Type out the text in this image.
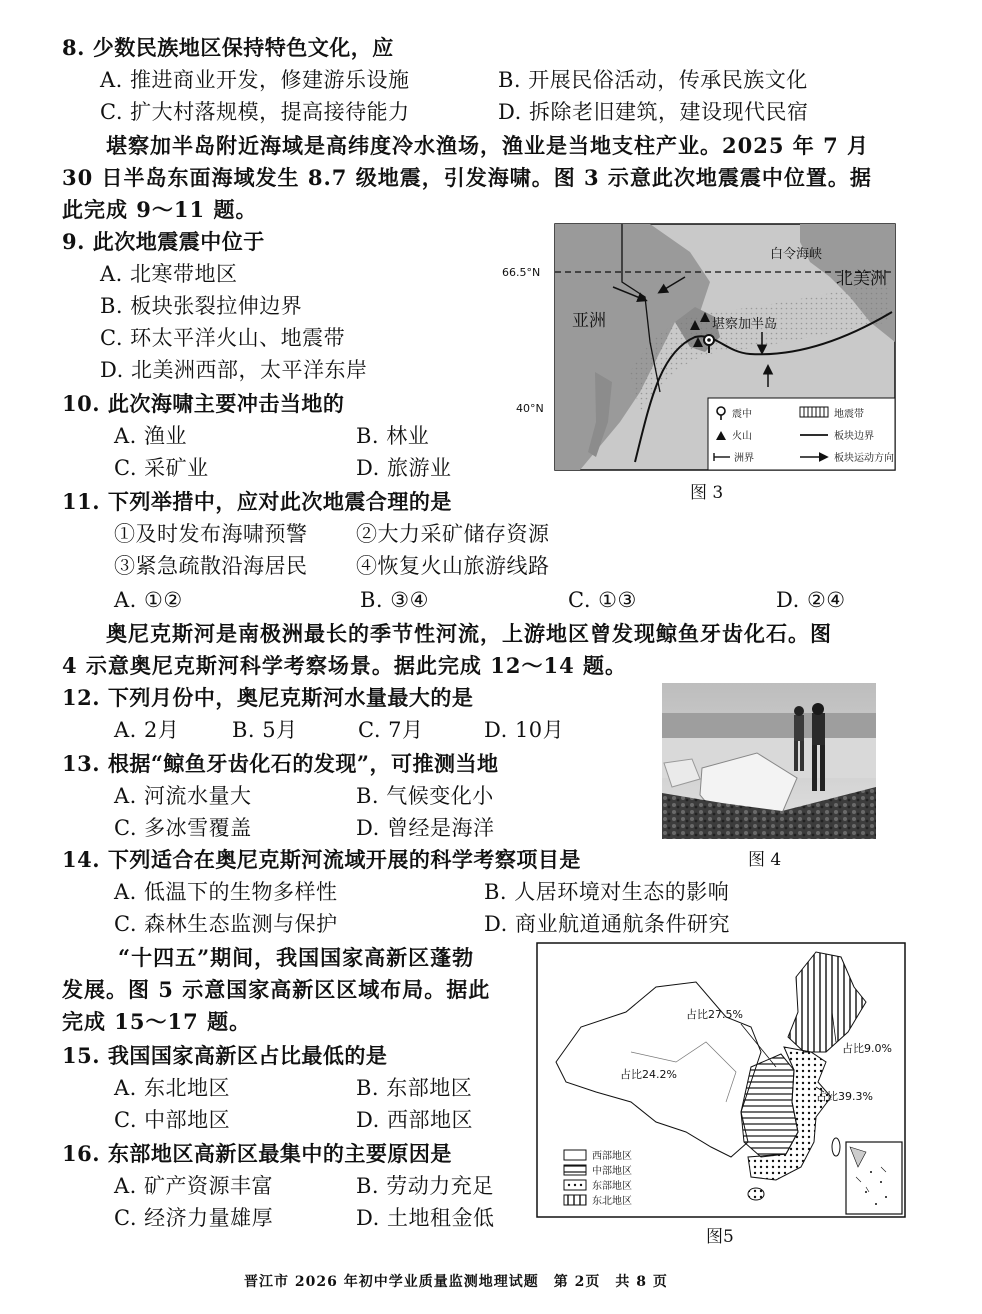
8. 少数民族地区保持特色文化，应
A. 推进商业开发，修建游乐设施	B. 开展民俗活动，传承民族文化
C. 扩大村落规模，提高接待能力	D. 拆除老旧建筑，建设现代民宿
堪察加半岛附近海域是高纬度冷水渔场，渔业是当地支柱产业。2025 年 7 月
30 日半岛东面海域发生 8.7 级地震，引发海啸。图 3 示意此次地震震中位置。据
此完成 9～11 题。
9. 此次地震震中位于
A. 北寒带地区
B. 板块张裂拉伸边界
C. 环太平洋火山、地震带
D. 北美洲西部，太平洋东岸
10. 此次海啸主要冲击当地的
A. 渔业	B. 林业
C. 采矿业	D. 旅游业
11. 下列举措中，应对此次地震合理的是
①及时发布海啸预警 ②大力采矿储存资源
③紧急疏散沿海居民 ④恢复火山旅游线路
A. ①②	B. ③④	C. ①③	D. ②④
奥尼克斯河是南极洲最长的季节性河流，上游地区曾发现鲸鱼牙齿化石。图
4 示意奥尼克斯河科学考察场景。据此完成 12～14 题。
12. 下列月份中，奥尼克斯河水量最大的是
A. 2月	B. 5月	C. 7月	D. 10月
13. 根据“鲸鱼牙齿化石的发现”，可推测当地
A. 河流水量大	B. 气候变化小
C. 多冰雪覆盖	D. 曾经是海洋
14. 下列适合在奥尼克斯河流域开展的科学考察项目是
A. 低温下的生物多样性	B. 人居环境对生态的影响
C. 森林生态监测与保护	D. 商业航道通航条件研究
“十四五”期间，我国国家高新区蓬勃
发展。图 5 示意国家高新区区域布局。据此
完成 15～17 题。
15. 我国国家高新区占比最低的是
A. 东北地区	B. 东部地区
C. 中部地区	D. 西部地区
16. 东部地区高新区最集中的主要原因是
A. 矿产资源丰富	B. 劳动力充足
C. 经济力量雄厚	D. 土地租金低
66.5°N
40°N
亚洲
北美洲
白令海峡
堪察加半岛
震中	地震带
火山	板块边界
洲界	板块运动方向
图 3
图 4
占比27.5%
占比9.0%
占比24.2%
占比39.3%
西部地区
中部地区
东部地区
东北地区
图5
晋江市 2026 年初中学业质量监测地理试题　第 2页　共 8 页
